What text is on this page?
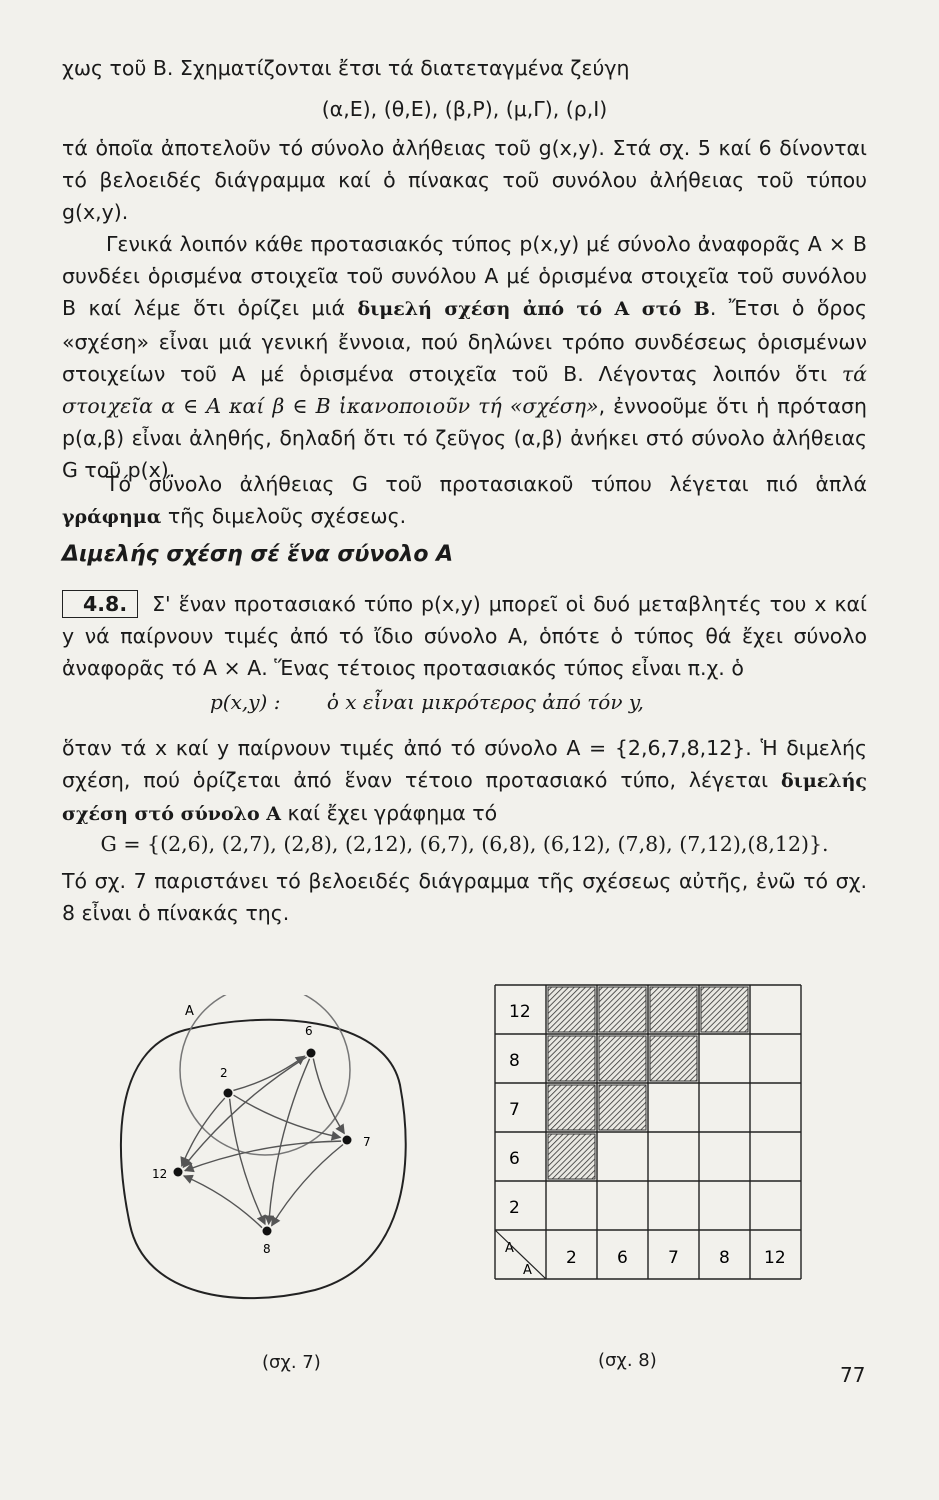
χως τοῦ Β. Σχηματίζονται ἔτσι τά διατεταγμένα ζεύγη
(α,Ε), (θ,Ε), (β,Ρ), (μ,Γ), (ρ,Ι)
τά ὁποῖα ἀποτελοῦν τό σύνολο ἀλήθειας τοῦ g(x,y). Στά σχ. 5 καί 6 δίνονται τό βελοειδές διάγραμμα καί ὁ πίνακας τοῦ συνόλου ἀλήθειας τοῦ τύπου g(x,y).
Γενικά λοιπόν κάθε προτασιακός τύπος p(x,y) μέ σύνολο ἀναφορᾶς Α × Β συνδέει ὁρισμένα στοιχεῖα τοῦ συνόλου Α μέ ὁρισμένα στοιχεῖα τοῦ συνόλου Β καί λέμε ὅτι ὁρίζει μιά διμελή σχέση ἀπό τό Α στό Β. Ἔτσι ὁ ὅρος «σχέση» εἶναι μιά γενική ἔννοια, πού δηλώνει τρόπο συνδέσεως ὁρισμένων στοιχείων τοῦ Α μέ ὁρισμένα στοιχεῖα τοῦ Β. Λέγοντας λοιπόν ὅτι τά στοιχεῖα α ∈ Α καί β ∈ Β ἱκανοποιοῦν τή «σχέση», ἐννοοῦμε ὅτι ἡ πρόταση p(α,β) εἶναι ἀληθής, δηλαδή ὅτι τό ζεῦγος (α,β) ἀνήκει στό σύνολο ἀλήθειας G τοῦ p(x).
Τό σύνολο ἀλήθειας G τοῦ προτασιακοῦ τύπου λέγεται πιό ἁπλά γράφημα τῆς διμελοῦς σχέσεως.
Διμελής σχέση σέ ἕνα σύνολο Α
4.8. Σ' ἕναν προτασιακό τύπο p(x,y) μπορεῖ οἱ δυό μεταβλητές του x καί y νά παίρνουν τιμές ἀπό τό ἴδιο σύνολο Α, ὁπότε ὁ τύπος θά ἔχει σύνολο ἀναφορᾶς τό Α × Α. Ἕνας τέτοιος προτασιακός τύπος εἶναι π.χ. ὁ
p(x,y) : ὁ x εἶναι μικρότερος ἀπό τόν y,
ὅταν τά x καί y παίρνουν τιμές ἀπό τό σύνολο Α = {2,6,7,8,12}. Ἡ διμελής σχέση, πού ὁρίζεται ἀπό ἕναν τέτοιο προτασιακό τύπο, λέγεται διμελής σχέση στό σύνολο Α καί ἔχει γράφημα τό
G = {(2,6), (2,7), (2,8), (2,12), (6,7), (6,8), (6,12), (7,8), (7,12),(8,12)}.
Τό σχ. 7 παριστάνει τό βελοειδές διάγραμμα τῆς σχέσεως αὐτῆς, ἐνῶ τό σχ. 8 εἶναι ὁ πίνακάς της.
Α
2
6
7
8
12
12
8
7
6
2
2 6 7 8 12
Α
Α
(σχ. 7)	(σχ. 8)
77
